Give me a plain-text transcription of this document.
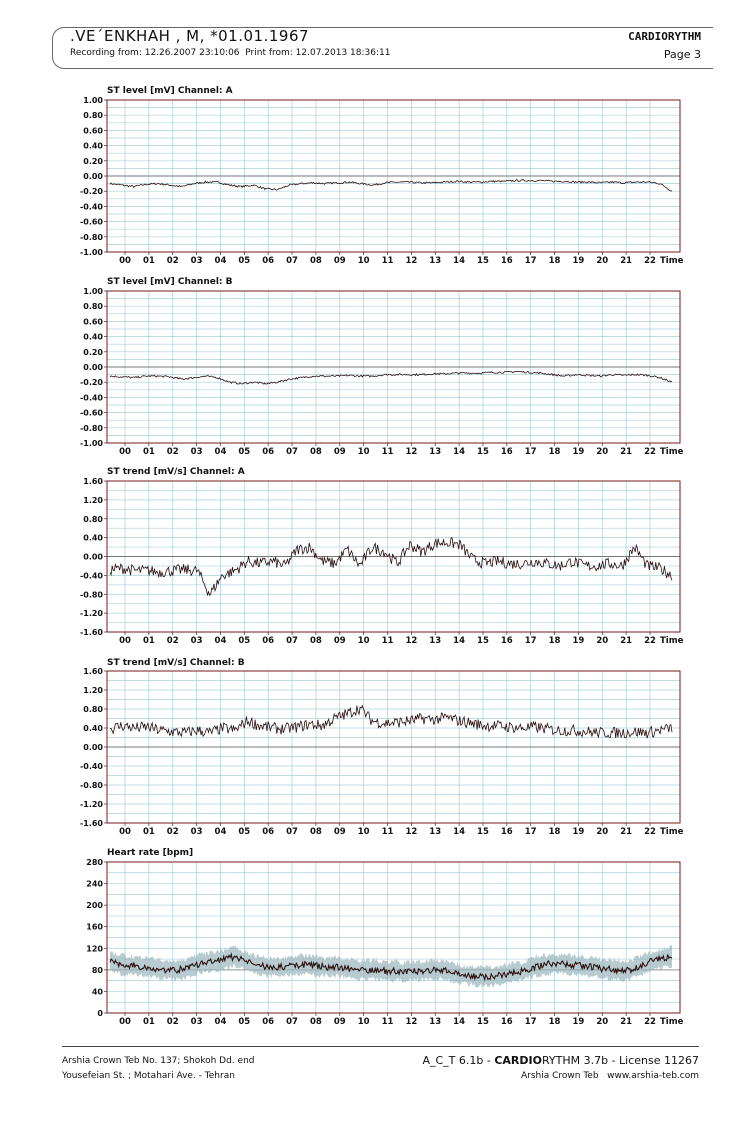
.VE´ENKHAH , M, *01.01.1967
Recording from: 12.26.2007 23:10:06 Print from: 12.07.2013 18:36:11
CARDIORYTHM
Page 3
1.00
0.80
0.60
0.40
0.20
0.00
-0.20
-0.40
-0.60
-0.80
-1.00
00 01 02 03 04 05 06 07 08 09 10 11 12 13 14 15 16 17 18 19 20 21 22 Time
ST level [mV] Channel: A
1.00
0.80
0.60
0.40
0.20
0.00
-0.20
-0.40
-0.60
-0.80
-1.00
00 01 02 03 04 05 06 07 08 09 10 11 12 13 14 15 16 17 18 19 20 21 22 Time
ST level [mV] Channel: B
1.60
1.20
0.80
0.40
0.00
-0.40
-0.80
-1.20
-1.60
00 01 02 03 04 05 06 07 08 09 10 11 12 13 14 15 16 17 18 19 20 21 22 Time
ST trend [mV/s] Channel: A
1.60
1.20
0.80
0.40
0.00
-0.40
-0.80
-1.20
-1.60
00 01 02 03 04 05 06 07 08 09 10 11 12 13 14 15 16 17 18 19 20 21 22 Time
ST trend [mV/s] Channel: B
280
240
200
160
120
80
40
0
00 01 02 03 04 05 06 07 08 09 10 11 12 13 14 15 16 17 18 19 20 21 22 Time
Heart rate [bpm]
Arshia Crown Teb No. 137; Shokoh Dd. end
Yousefeian St. ; Motahari Ave. - Tehran
A_C_T 6.1b - CARDIORYTHM 3.7b - License 11267
Arshia Crown Teb www.arshia-teb.com
